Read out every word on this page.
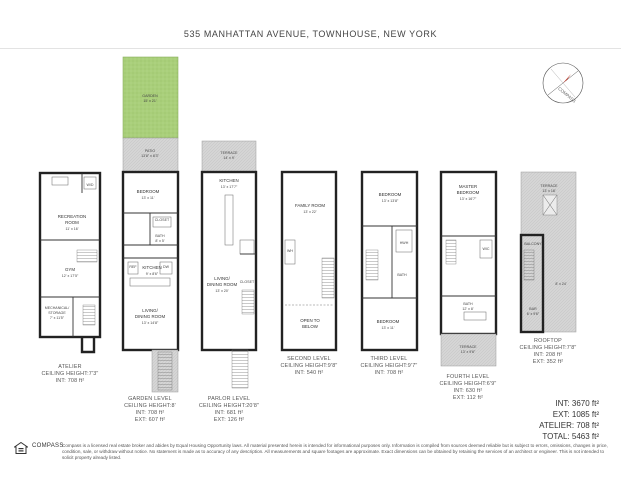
535 MANHATTAN AVENUE, TOWNHOUSE, NEW YORK
COMPASS
RECREATION
ROOM
11' x 16'
GYM
12' x 17'5"
MECHANICAL/
STORAGE
7' x 11'5"
ATELIER
CEILING HEIGHT:7'3"
INT: 708 ft²
GARDEN
15' x 21'
PATIO
13'8" x 8'3"
BEDROOM
13' x 11'
CLOSET
BATH
8' x 5'
KITCHEN
9' x 8'6"
LIVING/
DINING ROOM
13' x 14'8"
GARDEN LEVEL
CEILING HEIGHT:8'
INT: 708 ft²
EXT: 607 ft²
TERRACE
14' x 9'
KITCHEN
13' x 17'7"
LIVING/
DINING ROOM
13' x 20'
CLOSET
PARLOR LEVEL
CEILING HEIGHT:20'8"
INT: 681 ft²
EXT: 126 ft²
FAMILY ROOM
13' x 22'
OPEN TO
BELOW
SECOND LEVEL
CEILING HEIGHT:9'8"
INT: 540 ft²
BEDROOM
13' x 13'8"
BATH
BEDROOM
13' x 11'
THIRD LEVEL
CEILING HEIGHT:9'7"
INT: 708 ft²
MASTER
BEDROOM
13' x 16'7"
BATH
12' x 8'
TERRACE
13' x 9'6"
FOURTH LEVEL
CEILING HEIGHT:6'9"
INT: 630 ft²
EXT: 112 ft²
TERRACE
13' x 18'
BALCONY
BAR
6' x 9'6"
8' x 24'
ROOFTOP
CEILING HEIGHT:7'8"
INT: 208 ft²
EXT: 352 ft²
W/D
REF	DW
WH
HWH
WIC
INT: 3670 ft²
EXT: 1085 ft²
ATELIER: 708 ft²
TOTAL: 5463 ft²
COMPASS
Compass is a licensed real estate broker and abides by Equal Housing Opportunity laws. All material presented herein is intended for informational purposes only. Information is compiled from sources deemed reliable but is subject to errors, omissions, changes in price, condition, sale, or withdraw without notice. No statement is made as to accuracy of any description. All measurements and square footages are approximate. Exact dimensions can be obtained by retaining the services of an architect or engineer. This is not intended to solicit property already listed.
